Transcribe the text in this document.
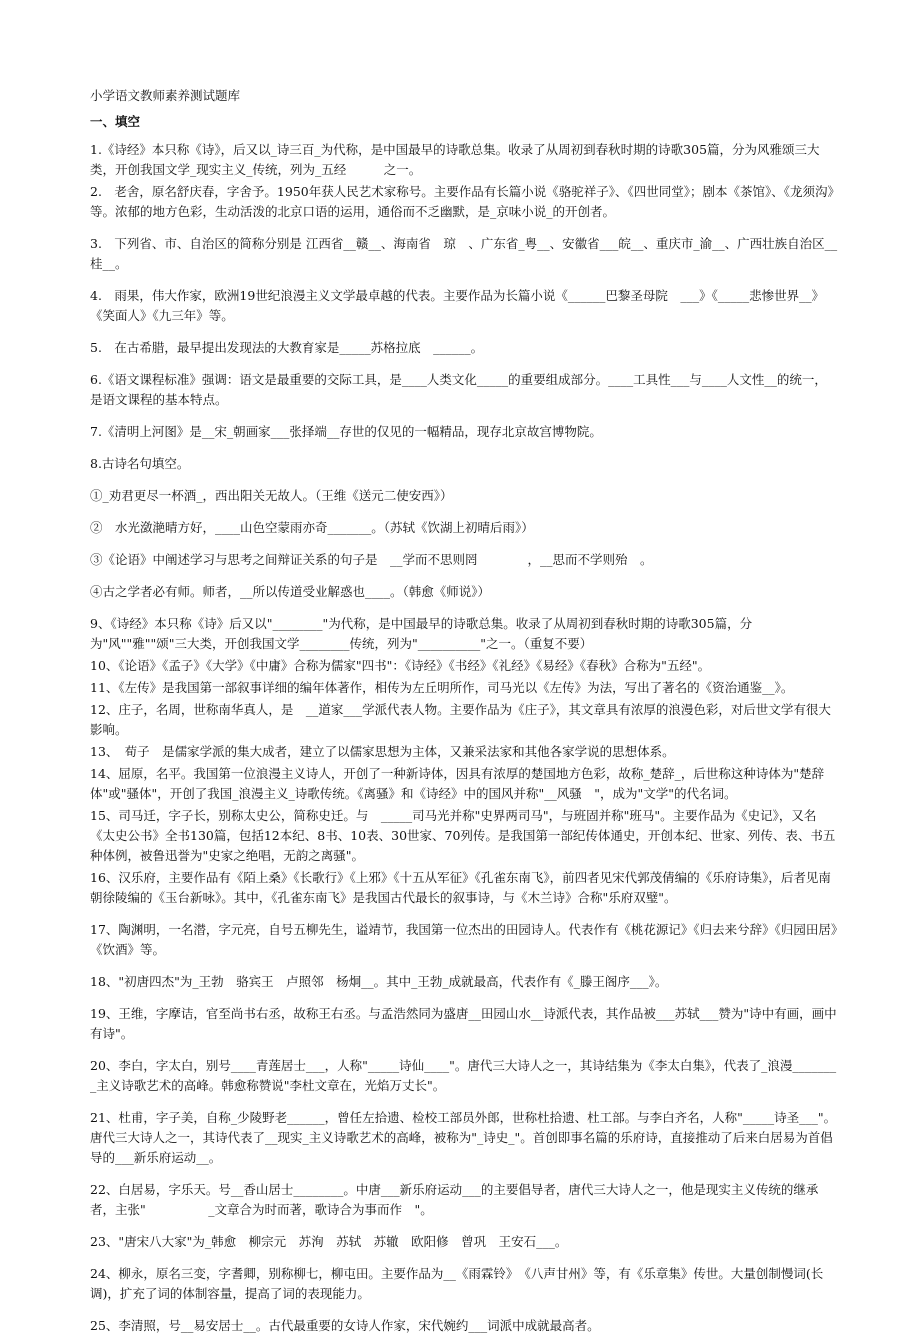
小学语文教师素养测试题库
一、填空
1.《诗经》本只称《诗》，后又以_诗三百_为代称，是中国最早的诗歌总集。收录了从周初到春秋时期的诗歌305篇，分为风雅颂三大类，开创我国文学_现实主义_传统，列为_五经　　　之一。
2.　老舍，原名舒庆春，字舍予。1950年获人民艺术家称号。主要作品有长篇小说《骆驼祥子》、《四世同堂》；剧本《茶馆》、《龙须沟》等。浓郁的地方色彩，生动活泼的北京口语的运用，通俗而不乏幽默，是_京味小说_的开创者。
3.　下列省、市、自治区的简称分别是 江西省__赣__、海南省　琼　、广东省_粤__、安徽省___皖__、重庆市_渝__、广西壮族自治区__桂__。
4.　雨果，伟大作家，欧洲19世纪浪漫主义文学最卓越的代表。主要作品为长篇小说《______巴黎圣母院　___》《_____悲惨世界__》《笑面人》《九三年》等。
5.　在古希腊，最早提出发现法的大教育家是_____苏格拉底　______。
6.《语文课程标准》强调：语文是最重要的交际工具，是____人类文化_____的重要组成部分。____工具性___与____人文性__的统一，是语文课程的基本特点。
7.《清明上河图》是__宋_朝画家___张择端__存世的仅见的一幅精品，现存北京故宫博物院。
8.古诗名句填空。
①_劝君更尽一杯酒_，西出阳关无故人。（王维《送元二使安西》）
②　水光潋滟晴方好，____山色空蒙雨亦奇_______。（苏轼《饮湖上初晴后雨》）
③《论语》中阐述学习与思考之间辩证关系的句子是　__学而不思则罔　　　　，__思而不学则殆　。
④古之学者必有师。师者，__所以传道受业解惑也____。（韩愈《师说》）
9、《诗经》本只称《诗》后又以"________"为代称，是中国最早的诗歌总集。收录了从周初到春秋时期的诗歌305篇，分为"风""雅""颂"三大类，开创我国文学________传统，列为"__________"之一。（重复不要）
10、《论语》《孟子》《大学》《中庸》合称为儒家"四书"：《诗经》《书经》《礼经》《易经》《春秋》合称为"五经"。
11、《左传》是我国第一部叙事详细的编年体著作，相传为左丘明所作，司马光以《左传》为法，写出了著名的《资治通鉴__》。
12、庄子，名周，世称南华真人，是　__道家___学派代表人物。主要作品为《庄子》，其文章具有浓厚的浪漫色彩，对后世文学有很大影响。
13、　荀子　是儒家学派的集大成者，建立了以儒家思想为主体，又兼采法家和其他各家学说的思想体系。
14、屈原，名平。我国第一位浪漫主义诗人，开创了一种新诗体，因具有浓厚的楚国地方色彩，故称_楚辞_，后世称这种诗体为"楚辞体"或"骚体"，开创了我国_浪漫主义_诗歌传统。《离骚》和《诗经》中的国风并称"__风骚　"，成为"文学"的代名词。
15、司马迁，字子长，别称太史公，简称史迁。与　_____司马光并称"史界两司马"，与班固并称"班马"。主要作品为《史记》，又名《太史公书》全书130篇，包括12本纪、8书、10表、30世家、70列传。是我国第一部纪传体通史，开创本纪、世家、列传、表、书五种体例，被鲁迅誉为"史家之绝唱，无韵之离骚"。
16、汉乐府，主要作品有《陌上桑》《长歌行》《上邪》《十五从军征》《孔雀东南飞》，前四者见宋代郭茂倩编的《乐府诗集》，后者见南朝徐陵编的《玉台新咏》。其中，《孔雀东南飞》是我国古代最长的叙事诗，与《木兰诗》合称"乐府双璧"。
17、陶渊明，一名潜，字元亮，自号五柳先生，谥靖节，我国第一位杰出的田园诗人。代表作有《桃花源记》《归去来兮辞》《归园田居》《饮酒》等。
18、"初唐四杰"为_王勃　骆宾王　卢照邻　杨炯__。其中_王勃_成就最高，代表作有《_滕王阁序___》。
19、王维，字摩诘，官至尚书右丞，故称王右丞。与孟浩然同为盛唐__田园山水__诗派代表，其作品被___苏轼___赞为"诗中有画，画中有诗"。
20、李白，字太白，别号____青莲居士___，人称"_____诗仙____"。唐代三大诗人之一，其诗结集为《李太白集》，代表了_浪漫________主义诗歌艺术的高峰。韩愈称赞说"李杜文章在，光焰万丈长"。
21、杜甫，字子美，自称_少陵野老______，曾任左拾遗、检校工部员外郎，世称杜拾遗、杜工部。与李白齐名，人称"_____诗圣___"。唐代三大诗人之一，其诗代表了__现实_主义诗歌艺术的高峰，被称为"_诗史_"。首创即事名篇的乐府诗，直接推动了后来白居易为首倡导的___新乐府运动__。
22、白居易，字乐天。号__香山居士________。中唐___新乐府运动___的主要倡导者，唐代三大诗人之一，他是现实主义传统的继承者，主张"　　　　　_文章合为时而著，歌诗合为事而作　"。
23、"唐宋八大家"为_韩愈　柳宗元　苏洵　苏轼　苏辙　欧阳修　曾巩　王安石___。
24、柳永，原名三变，字耆卿，别称柳七，柳屯田。主要作品为__《雨霖铃》　《八声甘州》等，有《乐章集》传世。大量创制慢词(长调)，扩充了词的体制容量，提高了词的表现能力。
25、李清照，号__易安居士__。古代最重要的女诗人作家，宋代婉约___词派中成就最高者。
